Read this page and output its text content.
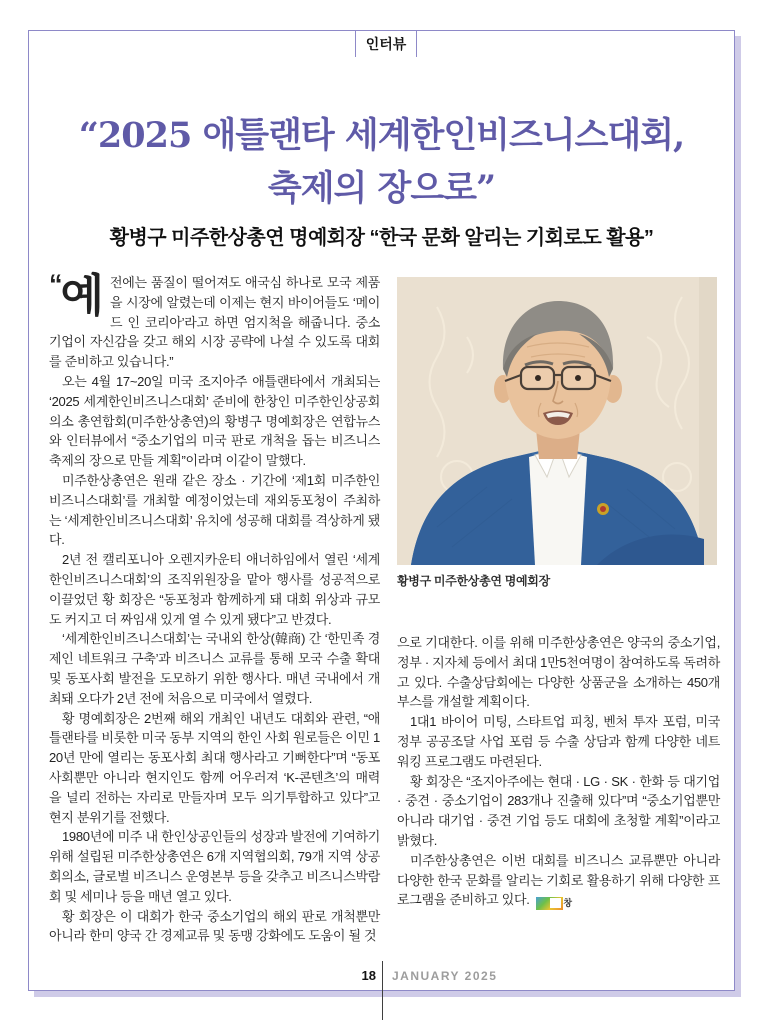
인터뷰
“2025 애틀랜타 세계한인비즈니스대회,
축제의 장으로”
황병구 미주한상총연 명예회장 “한국 문화 알리는 기회로도 활용”

“예 전에는 품질이 떨어져도 애국심 하나로 모국 제품을 시장에 알렸는데 이제는 현지 바이어들도 ‘메이드 인 코리아’라고 하면 엄지척을 해줍니다. 중소기업이 자신감을 갖고 해외 시장 공략에 나설 수 있도록 대회를 준비하고 있습니다.”

오는 4월 17~20일 미국 조지아주 애틀랜타에서 개최되는 ‘2025 세계한인비즈니스대회’ 준비에 한창인 미주한인상공회의소 총연합회(미주한상총연)의 황병구 명예회장은 연합뉴스와 인터뷰에서 “중소기업의 미국 판로 개척을 돕는 비즈니스 축제의 장으로 만들 계획”이라며 이같이 말했다.

미주한상총연은 원래 같은 장소 · 기간에 ‘제1회 미주한인비즈니스대회’를 개최할 예정이었는데 재외동포청이 주최하는 ‘세계한인비즈니스대회’ 유치에 성공해 대회를 격상하게 됐다.

2년 전 캘리포니아 오렌지카운티 애너하임에서 열린 ‘세계한인비즈니스대회’의 조직위원장을 맡아 행사를 성공적으로 이끌었던 황 회장은 “동포청과 함께하게 돼 대회 위상과 규모도 커지고 더 짜임새 있게 열 수 있게 됐다”고 반겼다.

‘세계한인비즈니스대회’는 국내외 한상(韓商) 간 ‘한민족 경제인 네트워크 구축’과 비즈니스 교류를 통해 모국 수출 확대 및 동포사회 발전을 도모하기 위한 행사다. 매년 국내에서 개최돼 오다가 2년 전에 처음으로 미국에서 열렸다.

황 명예회장은 2번째 해외 개최인 내년도 대회와 관련, “애틀랜타를 비롯한 미국 동부 지역의 한인 사회 원로들은 이민 120년 만에 열리는 동포사회 최대 행사라고 기뻐한다”며 “동포사회뿐만 아니라 현지인도 함께 어우러져 ‘K-콘텐츠’의 매력을 널리 전하는 자리로 만들자며 모두 의기투합하고 있다”고 현지 분위기를 전했다.

1980년에 미주 내 한인상공인들의 성장과 발전에 기여하기 위해 설립된 미주한상총연은 6개 지역협의회, 79개 지역 상공회의소, 글로벌 비즈니스 운영본부 등을 갖추고 비즈니스박람회 및 세미나 등을 매년 열고 있다.

황 회장은 이 대회가 한국 중소기업의 해외 판로 개척뿐만 아니라 한미 양국 간 경제교류 및 동맹 강화에도 도움이 될 것

황병구 미주한상총연 명예회장

으로 기대한다. 이를 위해 미주한상총연은 양국의 중소기업, 정부 · 지자체 등에서 최대 1만5천여명이 참여하도록 독려하고 있다. 수출상담회에는 다양한 상품군을 소개하는 450개 부스를 개설할 계획이다.

1대1 바이어 미팅, 스타트업 피칭, 벤처 투자 포럼, 미국 정부 공공조달 사업 포럼 등 수출 상담과 함께 다양한 네트워킹 프로그램도 마련된다.

황 회장은 “조지아주에는 현대 · LG · SK · 한화 등 대기업 · 중견 · 중소기업이 283개나 진출해 있다”며 “중소기업뿐만 아니라 대기업 · 중견 기업 등도 대회에 초청할 계획”이라고 밝혔다.

미주한상총연은 이번 대회를 비즈니스 교류뿐만 아니라 다양한 한국 문화를 알리는 기회로 활용하기 위해 다양한 프로그램을 준비하고 있다.	창

18 JANUARY 2025
